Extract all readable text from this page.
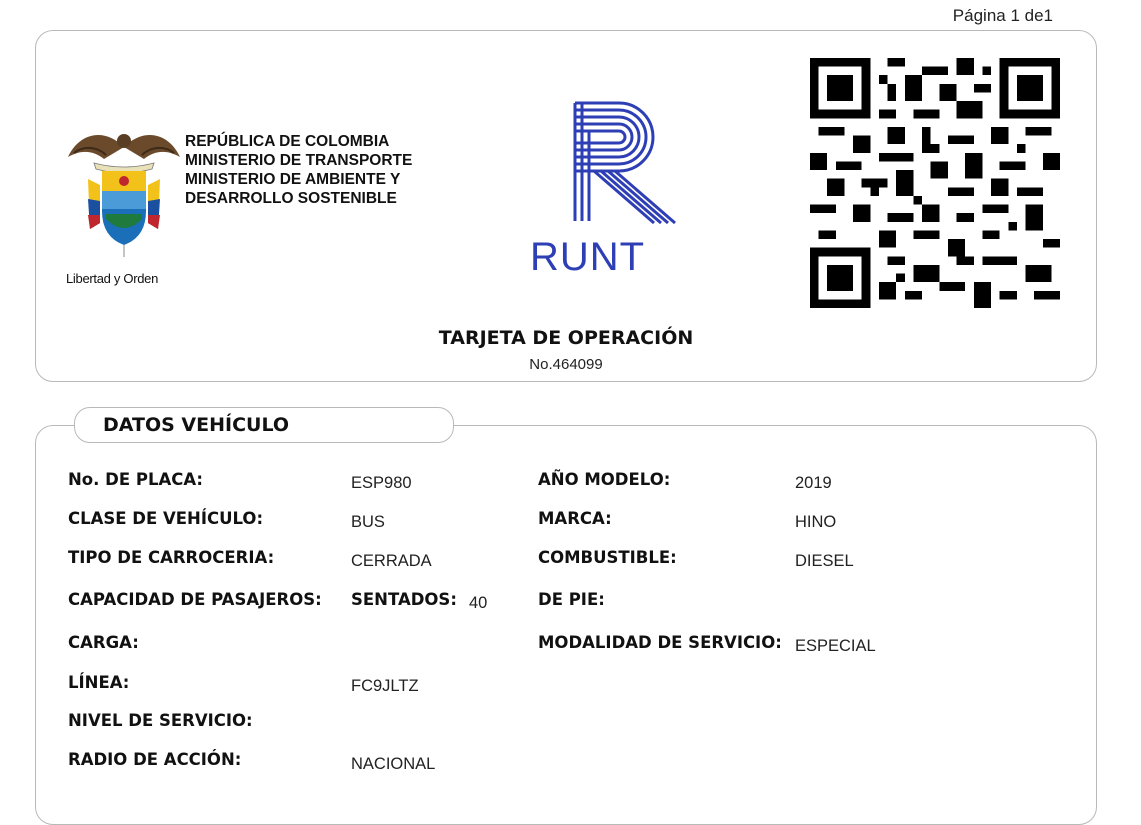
Página 1 de1
Libertad y Orden
REPÚBLICA DE COLOMBIA
MINISTERIO DE TRANSPORTE
MINISTERIO DE AMBIENTE Y
DESARROLLO SOSTENIBLE
TARJETA DE OPERACIÓN
No.464099
RUNT
DATOS VEHÍCULO
No. DE PLACA:	ESP980
CLASE DE VEHÍCULO:	BUS
TIPO DE CARROCERIA:	CERRADA
CAPACIDAD DE PASAJEROS: SENTADOS: 40
CARGA:
LÍNEA:	FC9JLTZ
NIVEL DE SERVICIO:
RADIO DE ACCIÓN:	NACIONAL
AÑO MODELO:	2019
MARCA:	HINO
COMBUSTIBLE:	DIESEL
DE PIE:
MODALIDAD DE SERVICIO: ESPECIAL
